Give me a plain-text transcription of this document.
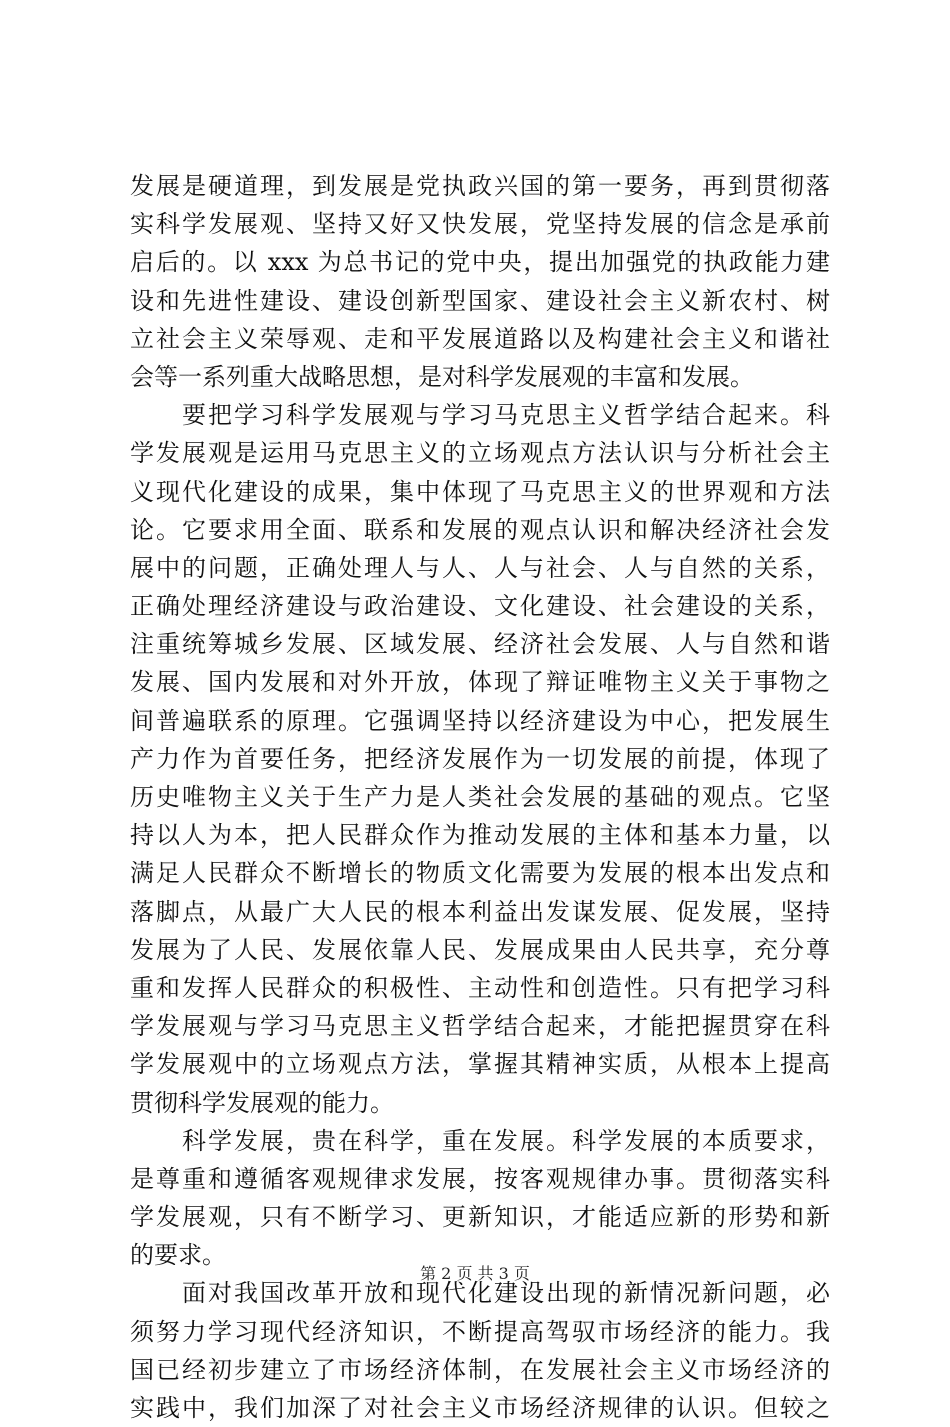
发展是硬道理，到发展是党执政兴国的第一要务，再到贯彻落
实科学发展观、坚持又好又快发展，党坚持发展的信念是承前
启后的。以 xxx 为总书记的党中央，提出加强党的执政能力建
设和先进性建设、建设创新型国家、建设社会主义新农村、树
立社会主义荣辱观、走和平发展道路以及构建社会主义和谐社
会等一系列重大战略思想，是对科学发展观的丰富和发展。
要把学习科学发展观与学习马克思主义哲学结合起来。科
学发展观是运用马克思主义的立场观点方法认识与分析社会主
义现代化建设的成果，集中体现了马克思主义的世界观和方法
论。它要求用全面、联系和发展的观点认识和解决经济社会发
展中的问题，正确处理人与人、人与社会、人与自然的关系，
正确处理经济建设与政治建设、文化建设、社会建设的关系，
注重统筹城乡发展、区域发展、经济社会发展、人与自然和谐
发展、国内发展和对外开放，体现了辩证唯物主义关于事物之
间普遍联系的原理。它强调坚持以经济建设为中心，把发展生
产力作为首要任务，把经济发展作为一切发展的前提，体现了
历史唯物主义关于生产力是人类社会发展的基础的观点。它坚
持以人为本，把人民群众作为推动发展的主体和基本力量，以
满足人民群众不断增长的物质文化需要为发展的根本出发点和
落脚点，从最广大人民的根本利益出发谋发展、促发展，坚持
发展为了人民、发展依靠人民、发展成果由人民共享，充分尊
重和发挥人民群众的积极性、主动性和创造性。只有把学习科
学发展观与学习马克思主义哲学结合起来，才能把握贯穿在科
学发展观中的立场观点方法，掌握其精神实质，从根本上提高
贯彻科学发展观的能力。
科学发展，贵在科学，重在发展。科学发展的本质要求，
是尊重和遵循客观规律求发展，按客观规律办事。贯彻落实科
学发展观，只有不断学习、更新知识，才能适应新的形势和新
的要求。
面对我国改革开放和现代化建设出现的新情况新问题，必
须努力学习现代经济知识，不断提高驾驭市场经济的能力。我
国已经初步建立了市场经济体制，在发展社会主义市场经济的
实践中，我们加深了对社会主义市场经济规律的认识。但较之
第 2 页 共 3 页
